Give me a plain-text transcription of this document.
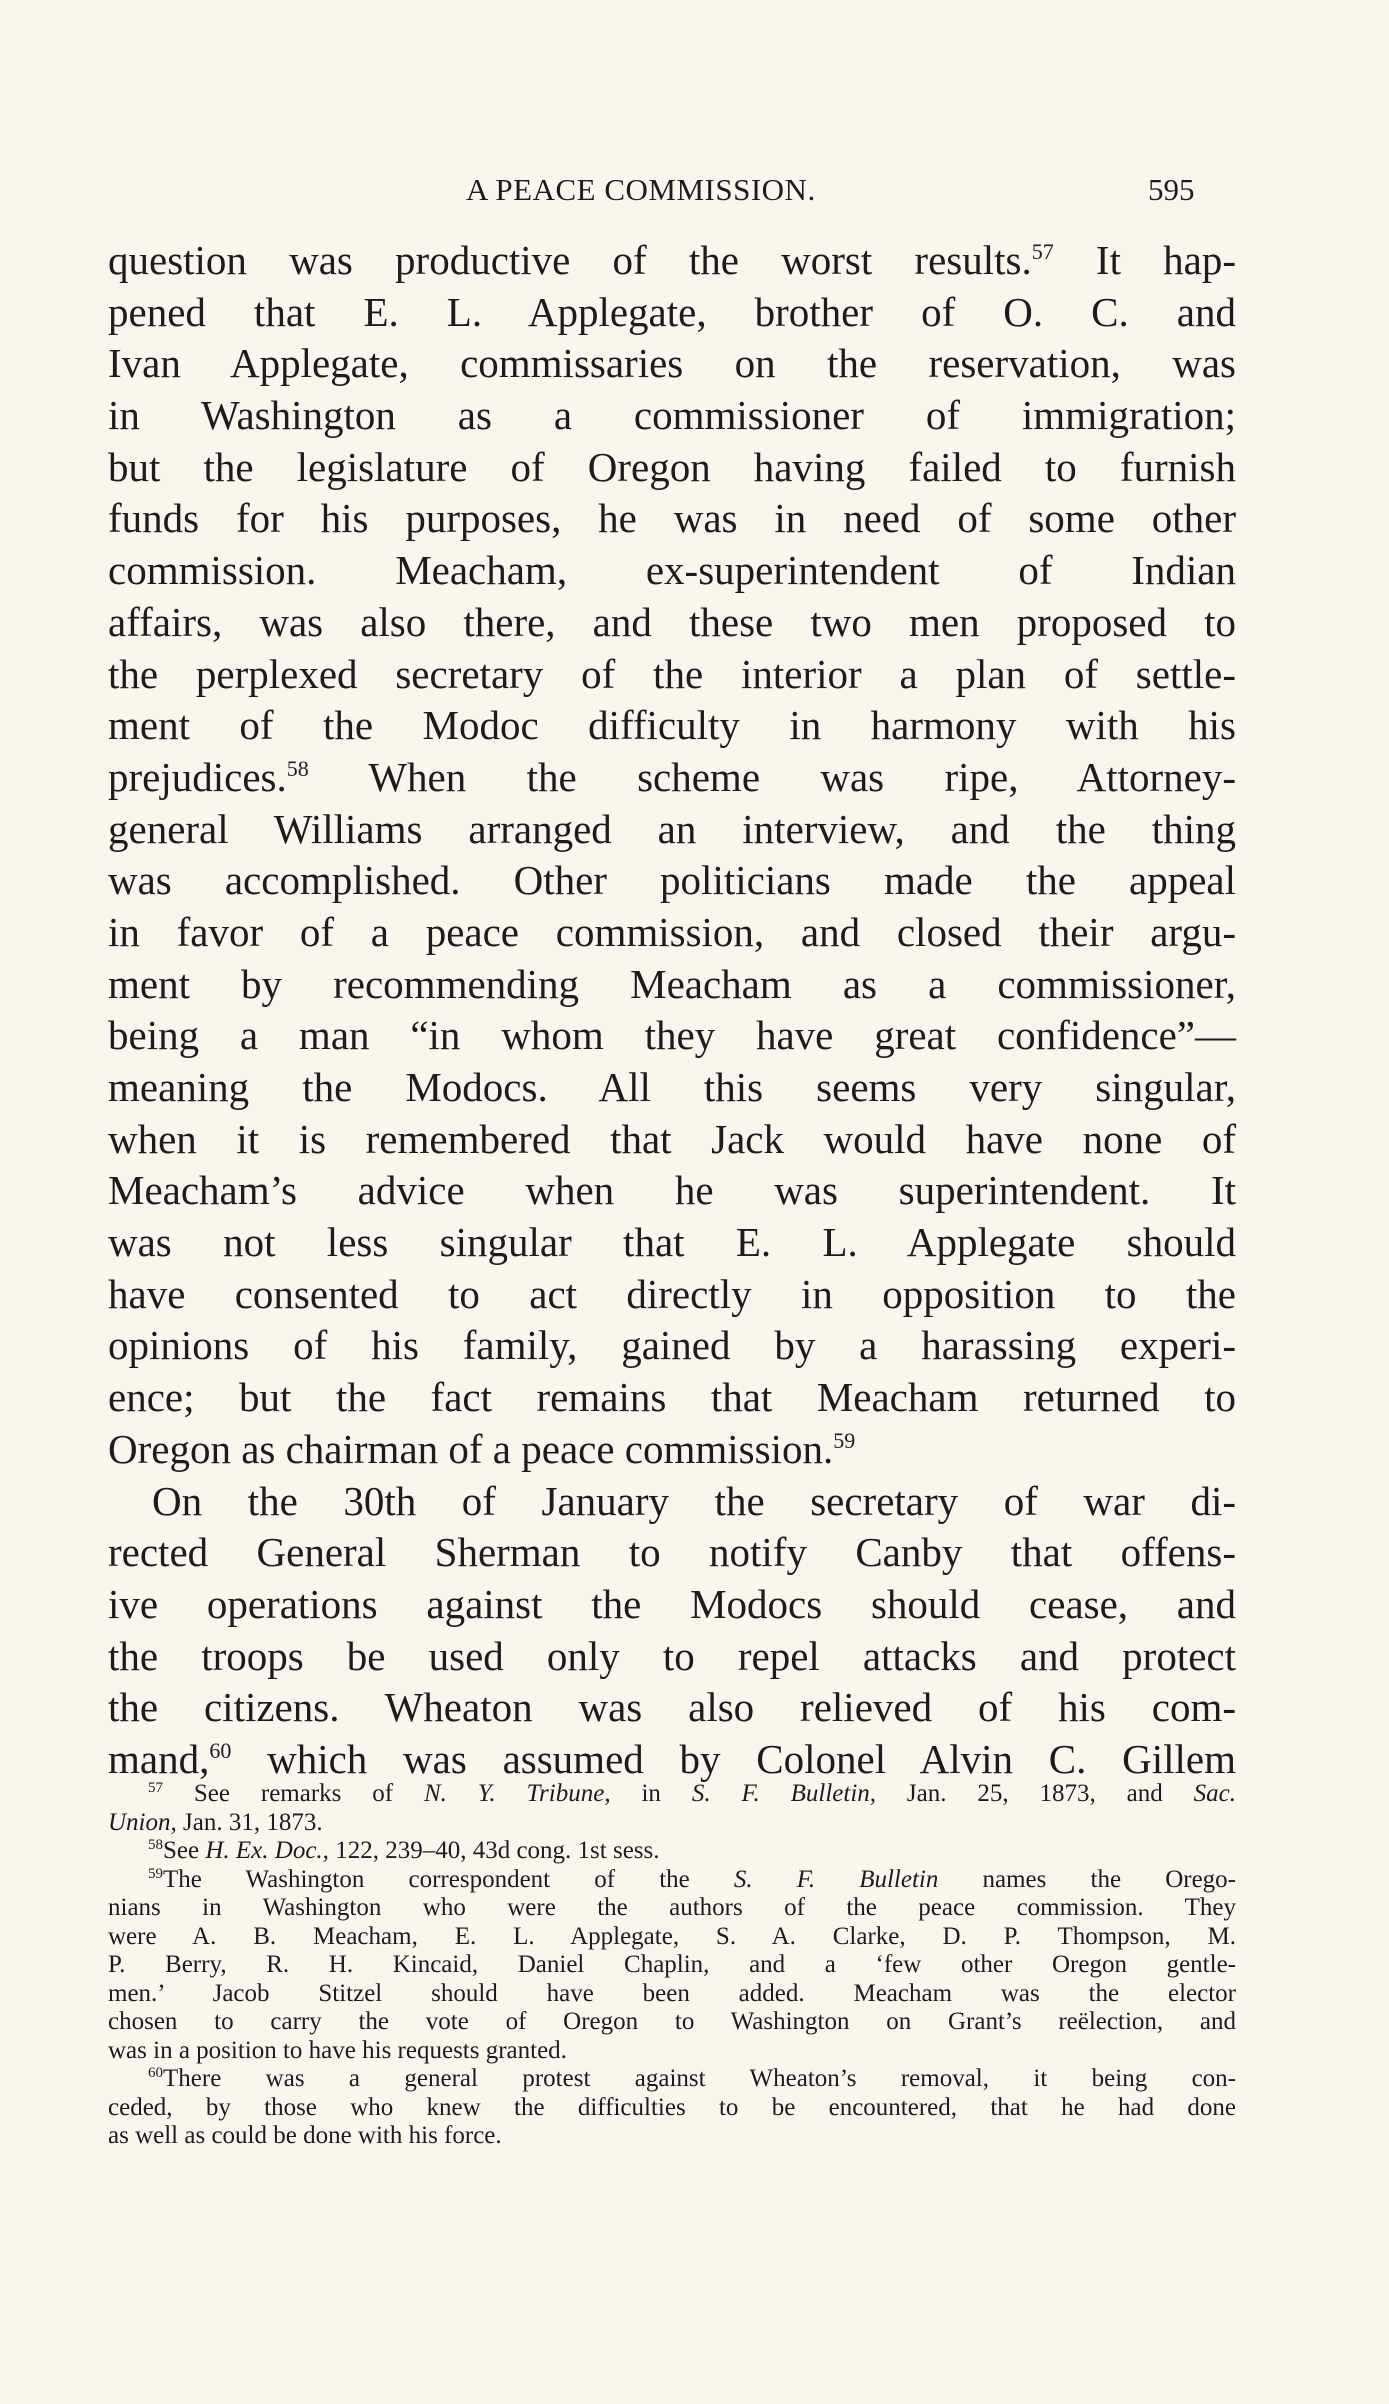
A PEACE COMMISSION.	595
question was productive of the worst results.$^{57}$ It hap-
pened that E. L. Applegate, brother of O. C. and
Ivan Applegate, commissaries on the reservation, was
in Washington as a commissioner of immigration;
but the legislature of Oregon having failed to furnish
funds for his purposes, he was in need of some other
commission. Meacham, ex-superintendent of Indian
affairs, was also there, and these two men proposed to
the perplexed secretary of the interior a plan of settle-
ment of the Modoc difficulty in harmony with his
prejudices.$^{58}$ When the scheme was ripe, Attorney-
general Williams arranged an interview, and the thing
was accomplished. Other politicians made the appeal
in favor of a peace commission, and closed their argu-
ment by recommending Meacham as a commissioner,
being a man “in whom they have great confidence”—
meaning the Modocs. All this seems very singular,
when it is remembered that Jack would have none of
Meacham’s advice when he was superintendent. It
was not less singular that E. L. Applegate should
have consented to act directly in opposition to the
opinions of his family, gained by a harassing experi-
ence; but the fact remains that Meacham returned to
Oregon as chairman of a peace commission.$^{59}$
On the 30th of January the secretary of war di-
rected General Sherman to notify Canby that offens-
ive operations against the Modocs should cease, and
the troops be used only to repel attacks and protect
the citizens. Wheaton was also relieved of his com-
mand,$^{60}$ which was assumed by Colonel Alvin C. Gillem
$^{57}$ See remarks of N. Y. Tribune, in S. F. Bulletin, Jan. 25, 1873, and Sac.
Union, Jan. 31, 1873.
$^{58}$See H. Ex. Doc., 122, 239–40, 43d cong. 1st sess.
$^{59}$The Washington correspondent of the S. F. Bulletin names the Orego-
nians in Washington who were the authors of the peace commission. They
were A. B. Meacham, E. L. Applegate, S. A. Clarke, D. P. Thompson, M.
P. Berry, R. H. Kincaid, Daniel Chaplin, and a ‘few other Oregon gentle-
men.’ Jacob Stitzel should have been added. Meacham was the elector
chosen to carry the vote of Oregon to Washington on Grant’s reëlection, and
was in a position to have his requests granted.
$^{60}$There was a general protest against Wheaton’s removal, it being con-
ceded, by those who knew the difficulties to be encountered, that he had done
as well as could be done with his force.
